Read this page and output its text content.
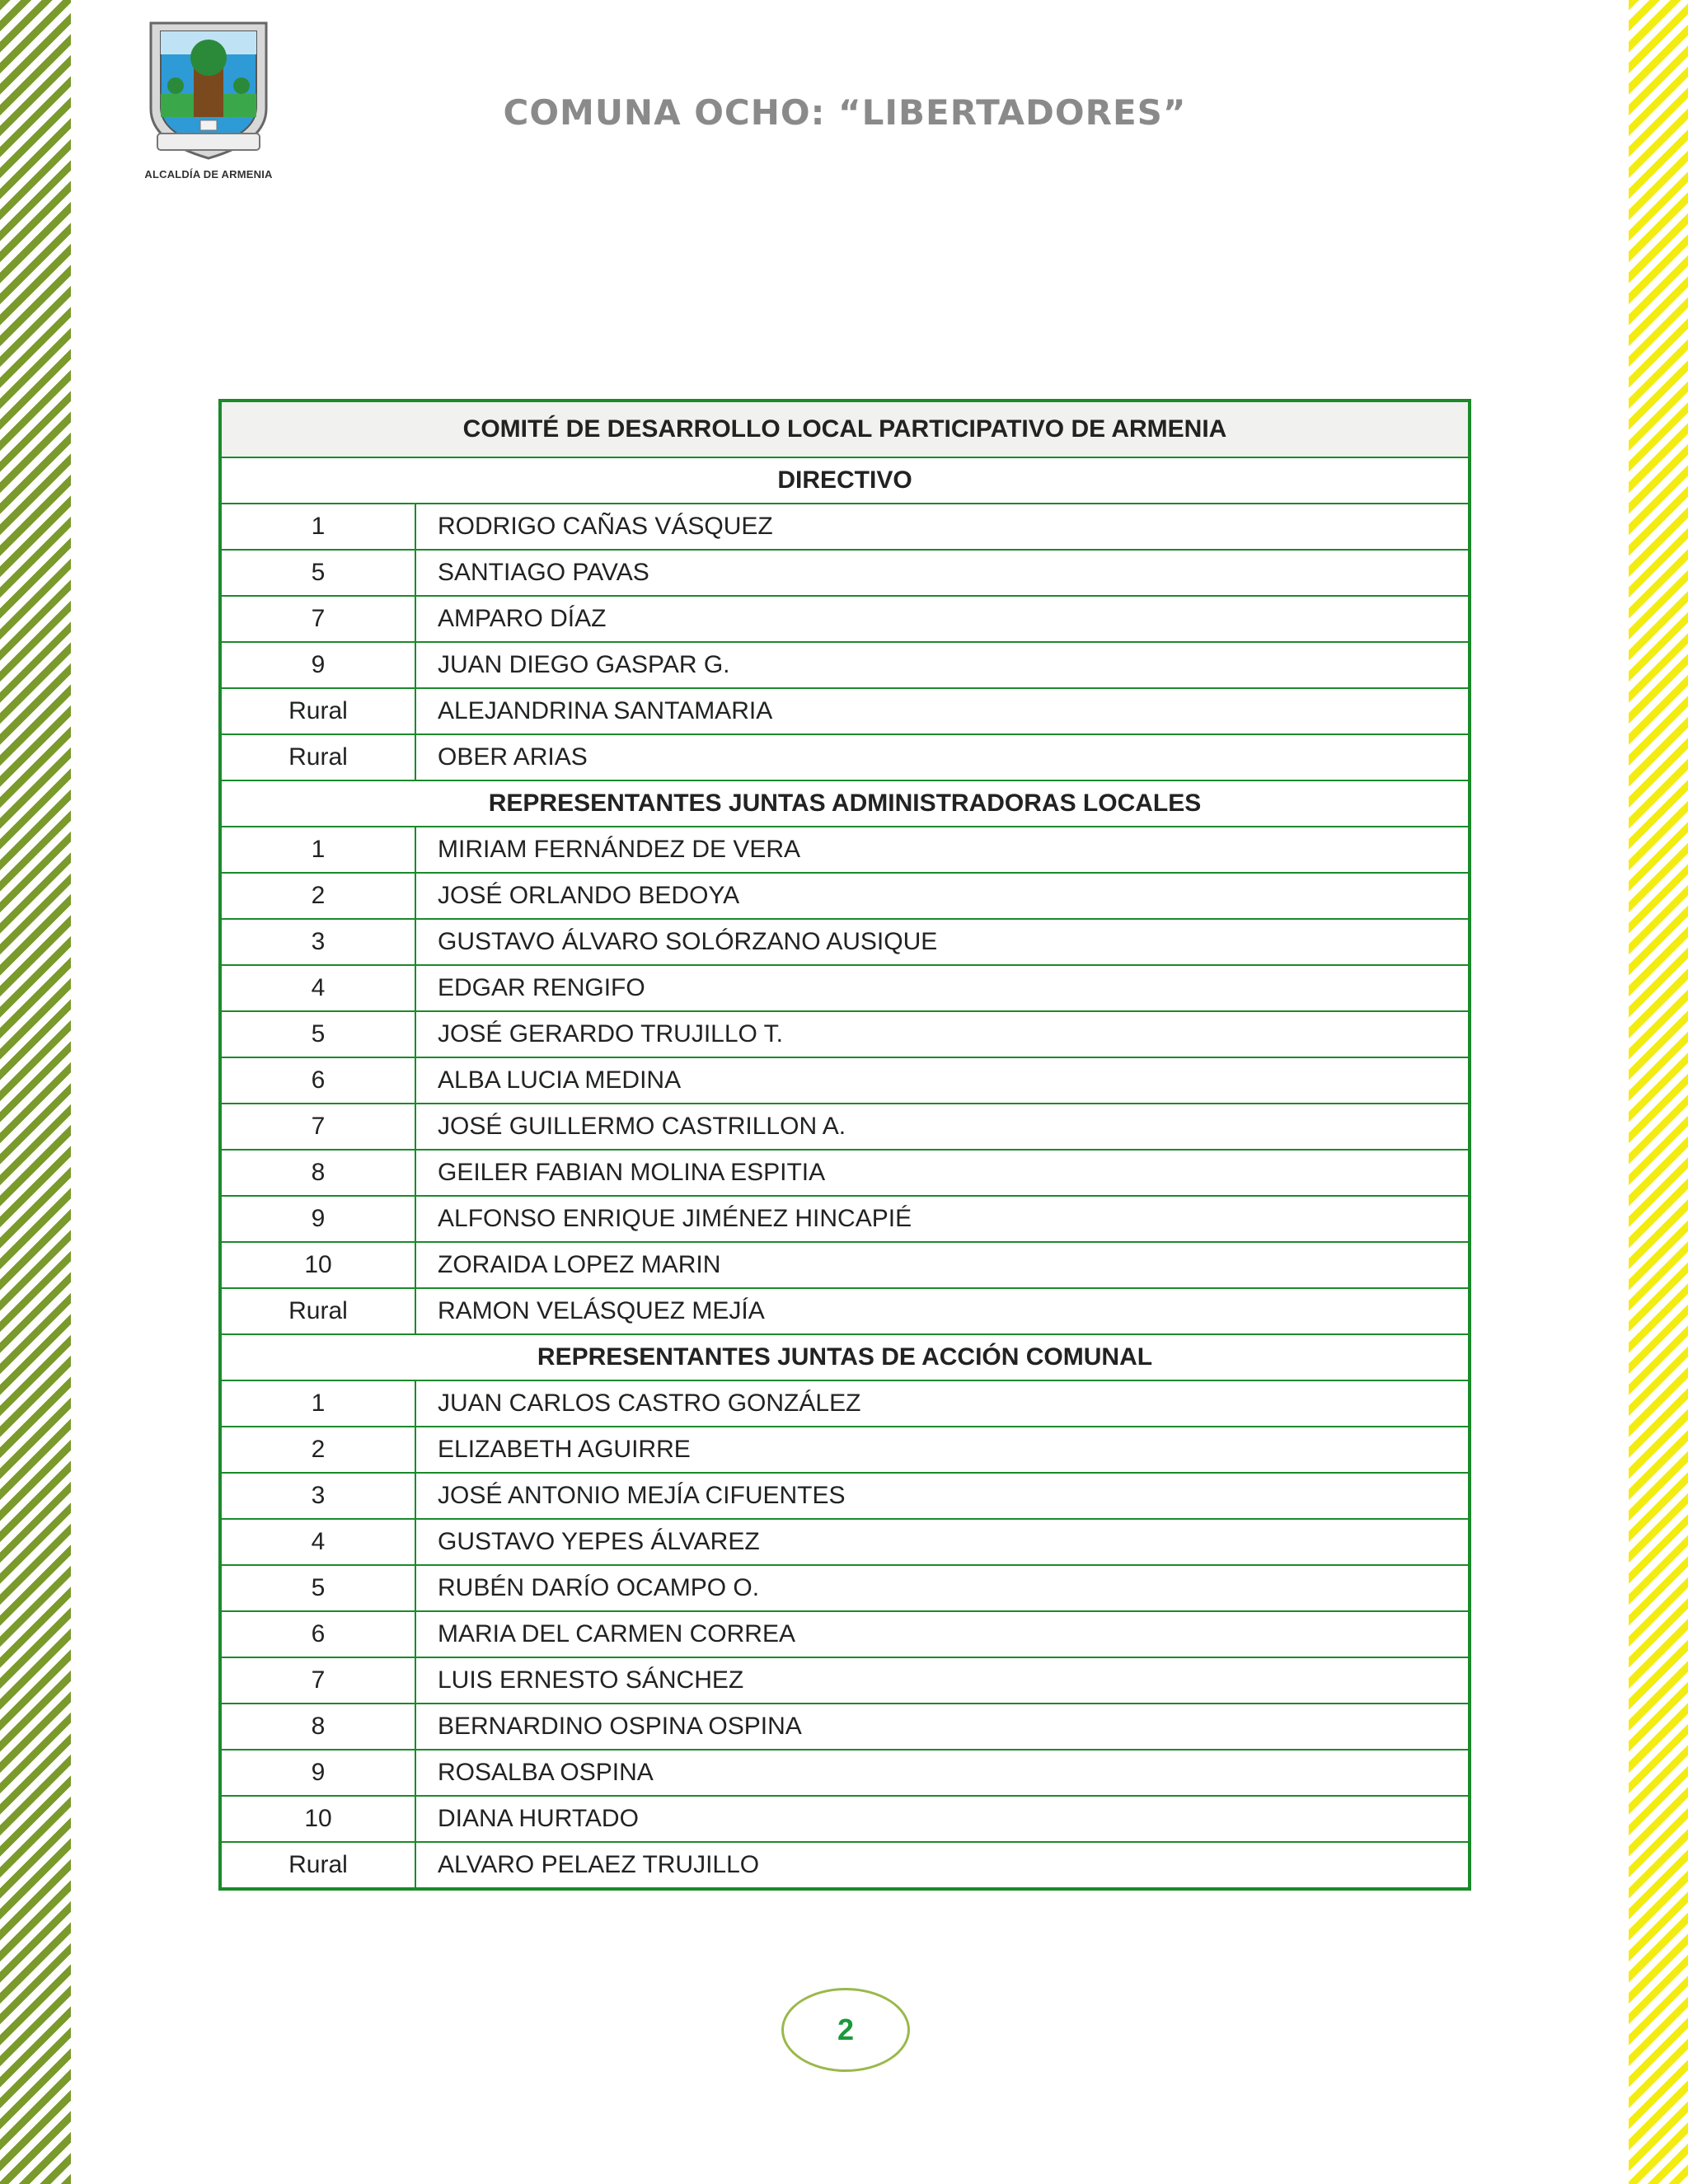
ALCALDÍA DE ARMENIA
COMUNA OCHO: “LIBERTADORES”
COMITÉ DE DESARROLLO LOCAL PARTICIPATIVO DE ARMENIA	
DIRECTIVO	
1	RODRIGO CAÑAS VÁSQUEZ
5	SANTIAGO PAVAS
7	AMPARO DÍAZ
9	JUAN DIEGO GASPAR G.
Rural	ALEJANDRINA SANTAMARIA
Rural	OBER ARIAS
REPRESENTANTES JUNTAS ADMINISTRADORAS LOCALES	
1	MIRIAM FERNÁNDEZ DE VERA
2	JOSÉ ORLANDO BEDOYA
3	GUSTAVO ÁLVARO SOLÓRZANO AUSIQUE
4	EDGAR RENGIFO
5	JOSÉ GERARDO TRUJILLO T.
6	ALBA LUCIA MEDINA
7	JOSÉ GUILLERMO CASTRILLON A.
8	GEILER FABIAN MOLINA ESPITIA
9	ALFONSO ENRIQUE JIMÉNEZ HINCAPIÉ
10	ZORAIDA LOPEZ MARIN
Rural	RAMON VELÁSQUEZ MEJÍA
REPRESENTANTES JUNTAS DE ACCIÓN COMUNAL	
1	JUAN CARLOS CASTRO GONZÁLEZ
2	ELIZABETH AGUIRRE
3	JOSÉ ANTONIO MEJÍA CIFUENTES
4	GUSTAVO YEPES ÁLVAREZ
5	RUBÉN DARÍO OCAMPO O.
6	MARIA DEL CARMEN CORREA
7	LUIS ERNESTO SÁNCHEZ
8	BERNARDINO OSPINA OSPINA
9	ROSALBA OSPINA
10	DIANA HURTADO
Rural	ALVARO PELAEZ TRUJILLO
2
